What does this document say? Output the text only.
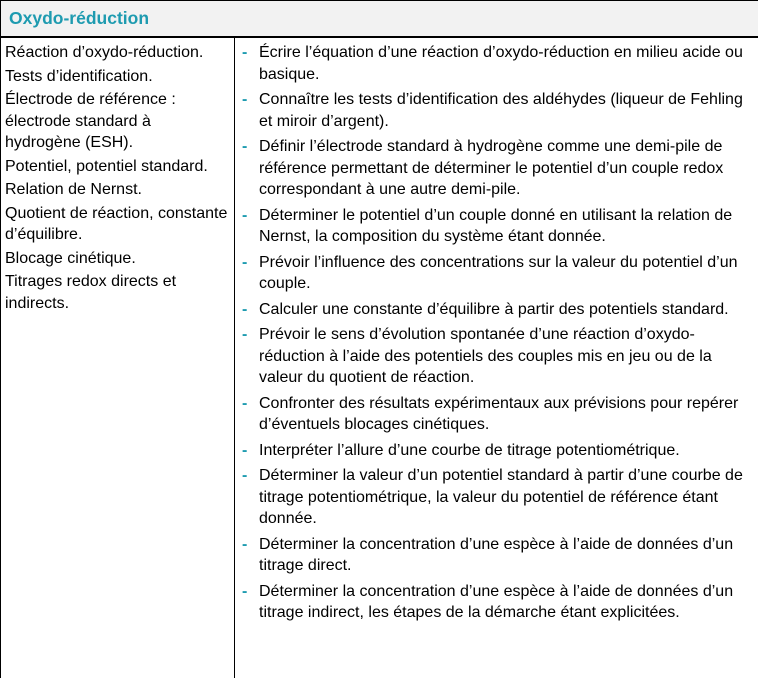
Oxydo-réduction
Réaction d’oxydo-réduction.
Tests d’identification.
Électrode de référence : électrode standard à hydrogène (ESH).
Potentiel, potentiel standard.
Relation de Nernst.
Quotient de réaction, constante d’équilibre.
Blocage cinétique.
Titrages redox directs et indirects.
- Écrire l’équation d’une réaction d’oxydo-réduction en milieu acide ou basique.
- Connaître les tests d’identification des aldéhydes (liqueur de Fehling et miroir d’argent).
- Définir l’électrode standard à hydrogène comme une demi-pile de référence permettant de déterminer le potentiel d’un couple redox correspondant à une autre demi-pile.
- Déterminer le potentiel d’un couple donné en utilisant la relation de Nernst, la composition du système étant donnée.
- Prévoir l’influence des concentrations sur la valeur du potentiel d’un couple.
- Calculer une constante d’équilibre à partir des potentiels standard.
- Prévoir le sens d’évolution spontanée d’une réaction d’oxydo-réduction à l’aide des potentiels des couples mis en jeu ou de la valeur du quotient de réaction.
- Confronter des résultats expérimentaux aux prévisions pour repérer d’éventuels blocages cinétiques.
- Interpréter l’allure d’une courbe de titrage potentiométrique.
- Déterminer la valeur d’un potentiel standard à partir d’une courbe de titrage potentiométrique, la valeur du potentiel de référence étant donnée.
- Déterminer la concentration d’une espèce à l’aide de données d’un titrage direct.
- Déterminer la concentration d’une espèce à l’aide de données d’un titrage indirect, les étapes de la démarche étant explicitées.
